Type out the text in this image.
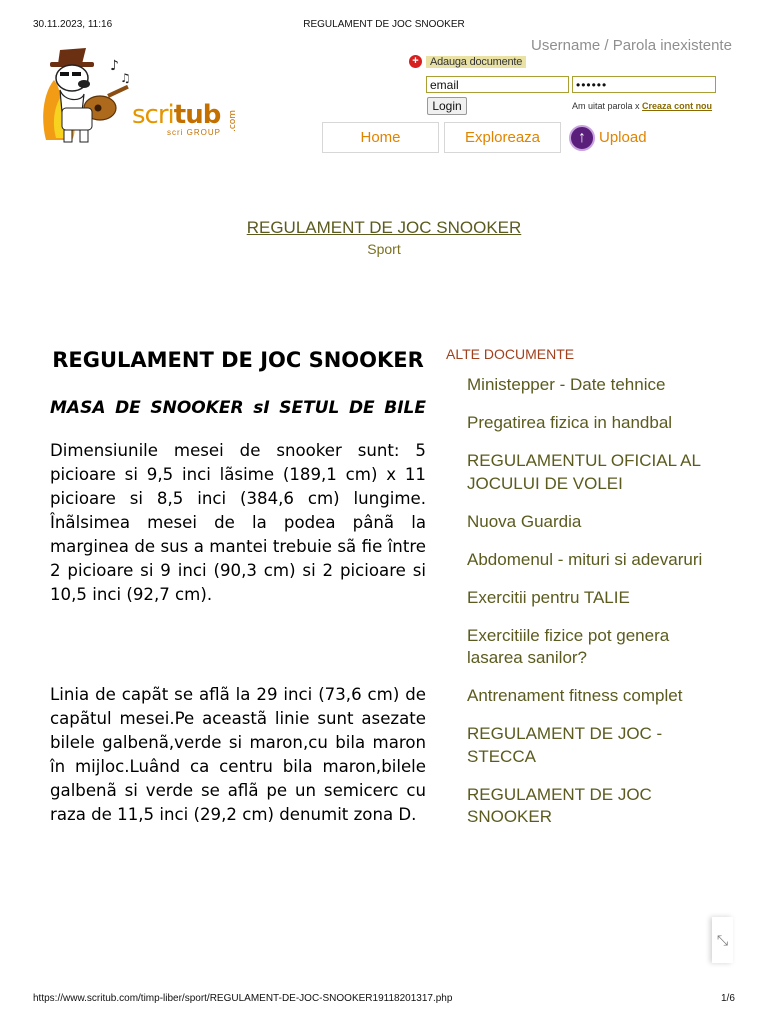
30.11.2023, 11:16	REGULAMENT DE JOC SNOOKER
♪
♫
scritub .com
scri GROUP
Username / Parola inexistente
+	Adauga documente
email	••••••
Login	Am uitat parola x Creaza cont nou
Home	Exploreaza	↑ Upload
REGULAMENT DE JOC SNOOKER
Sport
REGULAMENT DE JOC SNOOKER
MASA DE SNOOKER sI SETUL DE BILE

Dimensiunile mesei de snooker sunt: 5 picioare si 9,5 inci lãsime (189,1 cm) x 11 picioare si 8,5 inci (384,6 cm) lungime. Înãlsimea mesei de la podea pânã la marginea de sus a mantei trebuie sã fie între 2 picioare si 9 inci (90,3 cm) si 2 picioare si 10,5 inci (92,7 cm).

Linia de capãt se aflã la 29 inci (73,6 cm) de capãtul mesei.Pe aceastã linie sunt asezate bilele galbenã,verde si maron,cu bila maron în mijloc.Luând ca centru bila maron,bilele galbenã si verde se aflã pe un semicerc cu raza de 11,5 inci (29,2 cm) denumit zona D.

ALTE DOCUMENTE
Ministepper - Date tehnice
Pregatirea fizica in handbal
REGULAMENTUL OFICIAL AL JOCULUI DE VOLEI
Nuova Guardia
Abdomenul - mituri si adevaruri
Exercitii pentru TALIE
Exercitiile fizice pot genera lasarea sanilor?
Antrenament fitness complet
REGULAMENT DE JOC - STECCA
REGULAMENT DE JOC SNOOKER
⤡
https://www.scritub.com/timp-liber/sport/REGULAMENT-DE-JOC-SNOOKER19118201317.php	1/6
